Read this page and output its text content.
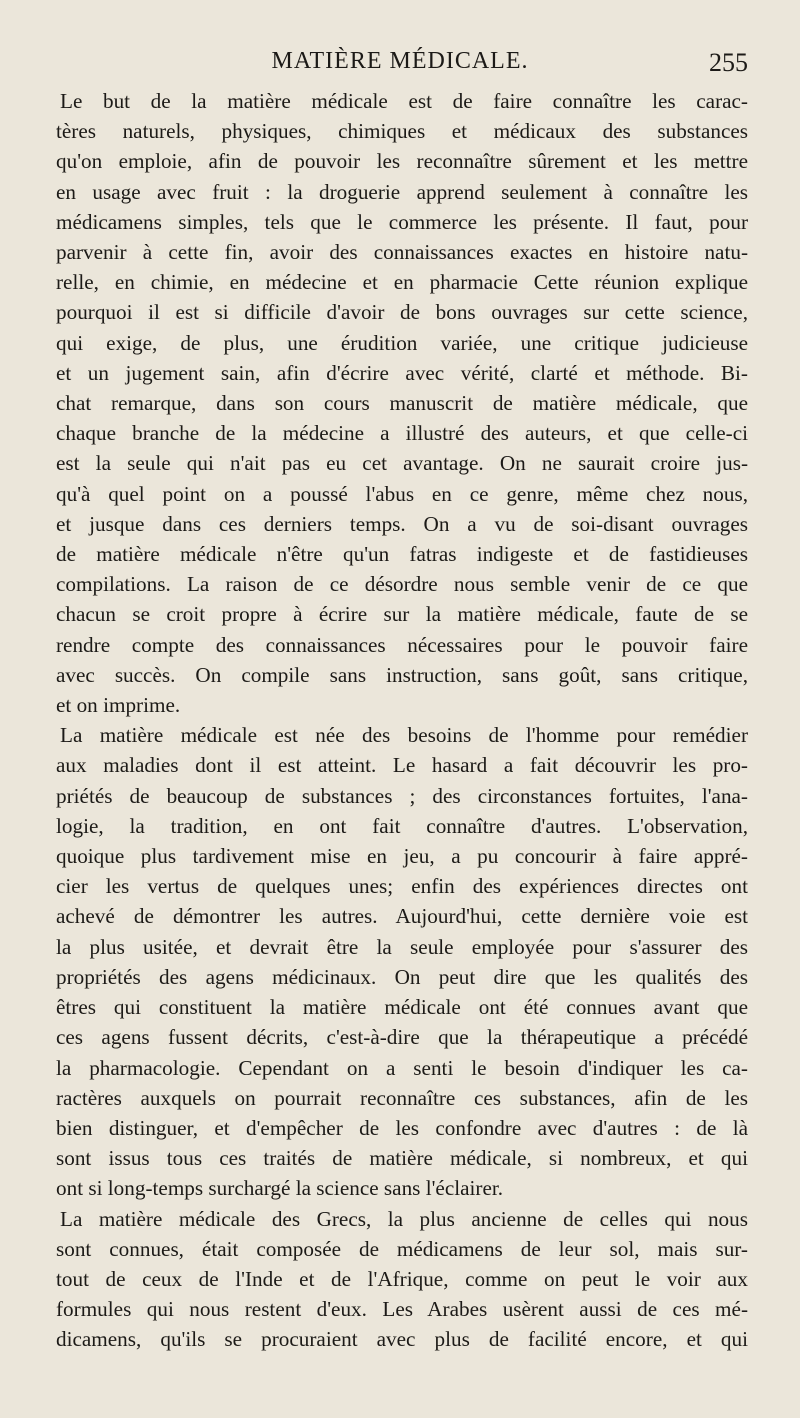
MATIÈRE MÉDICALE.	255
Le but de la matière médicale est de faire connaître les carac-
tères naturels, physiques, chimiques et médicaux des substances
qu'on emploie, afin de pouvoir les reconnaître sûrement et les mettre
en usage avec fruit : la droguerie apprend seulement à connaître les
médicamens simples, tels que le commerce les présente. Il faut, pour
parvenir à cette fin, avoir des connaissances exactes en histoire natu-
relle, en chimie, en médecine et en pharmacie Cette réunion explique
pourquoi il est si difficile d'avoir de bons ouvrages sur cette science,
qui exige, de plus, une érudition variée, une critique judicieuse
et un jugement sain, afin d'écrire avec vérité, clarté et méthode. Bi-
chat remarque, dans son cours manuscrit de matière médicale, que
chaque branche de la médecine a illustré des auteurs, et que celle-ci
est la seule qui n'ait pas eu cet avantage. On ne saurait croire jus-
qu'à quel point on a poussé l'abus en ce genre, même chez nous,
et jusque dans ces derniers temps. On a vu de soi-disant ouvrages
de matière médicale n'être qu'un fatras indigeste et de fastidieuses
compilations. La raison de ce désordre nous semble venir de ce que
chacun se croit propre à écrire sur la matière médicale, faute de se
rendre compte des connaissances nécessaires pour le pouvoir faire
avec succès. On compile sans instruction, sans goût, sans critique,
et on imprime.
La matière médicale est née des besoins de l'homme pour remédier
aux maladies dont il est atteint. Le hasard a fait découvrir les pro-
priétés de beaucoup de substances ; des circonstances fortuites, l'ana-
logie, la tradition, en ont fait connaître d'autres. L'observation,
quoique plus tardivement mise en jeu, a pu concourir à faire appré-
cier les vertus de quelques unes; enfin des expériences directes ont
achevé de démontrer les autres. Aujourd'hui, cette dernière voie est
la plus usitée, et devrait être la seule employée pour s'assurer des
propriétés des agens médicinaux. On peut dire que les qualités des
êtres qui constituent la matière médicale ont été connues avant que
ces agens fussent décrits, c'est-à-dire que la thérapeutique a précédé
la pharmacologie. Cependant on a senti le besoin d'indiquer les ca-
ractères auxquels on pourrait reconnaître ces substances, afin de les
bien distinguer, et d'empêcher de les confondre avec d'autres : de là
sont issus tous ces traités de matière médicale, si nombreux, et qui
ont si long-temps surchargé la science sans l'éclairer.
La matière médicale des Grecs, la plus ancienne de celles qui nous
sont connues, était composée de médicamens de leur sol, mais sur-
tout de ceux de l'Inde et de l'Afrique, comme on peut le voir aux
formules qui nous restent d'eux. Les Arabes usèrent aussi de ces mé-
dicamens, qu'ils se procuraient avec plus de facilité encore, et qui
